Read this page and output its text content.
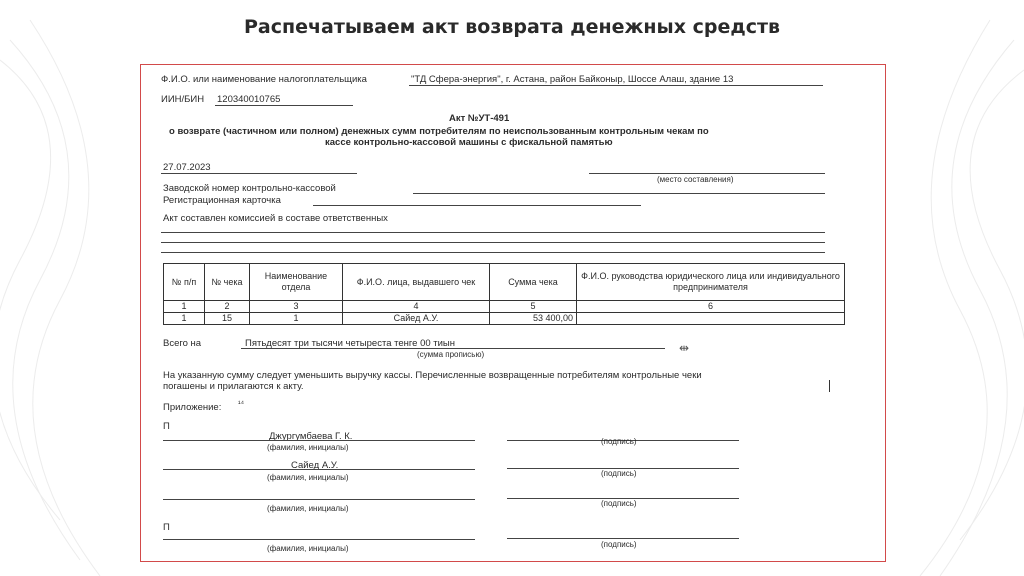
Распечатываем акт возврата денежных средств
Ф.И.О. или наименование налогоплательщика	"ТД Сфера-энергия", г. Астана, район Байконыр, Шоссе Алаш, здание 13
ИИН/БИН 120340010765
Акт №УТ-491
о возврате (частичном или полном) денежных сумм потребителям по неиспользованным контрольным чекам по
кассе контрольно-кассовой машины с фискальной памятью
27.07.2023
(место составления)
Заводской номер контрольно-кассовой
Регистрационная карточка
Акт составлен комиссией в составе ответственных
№ п/п	№ чека	Наименование отдела	Ф.И.О. лица, выдавшего чек	Сумма чека	Ф.И.О. руководства юридического лица или индивидуального предпринимателя
1	2	3	4	5	6
1	15	1	Сайед А.У.	53 400,00	
Всего на	Пятьдесят три тысячи четыреста тенге 00 тиын
(сумма прописью)	⇹
На указанную сумму следует уменьшить выручку кассы. Перечисленные возвращенные потребителям контрольные чеки
погашены и прилагаются к акту.
Приложение: ¹⁴
П
Джургумбаева Г. К.
(фамилия, инициалы)
(подпись)
Сайед А.У.
(фамилия, инициалы)	(подпись)
(фамилия, инициалы)
(подпись)
П
(фамилия, инициалы)	(подпись)
